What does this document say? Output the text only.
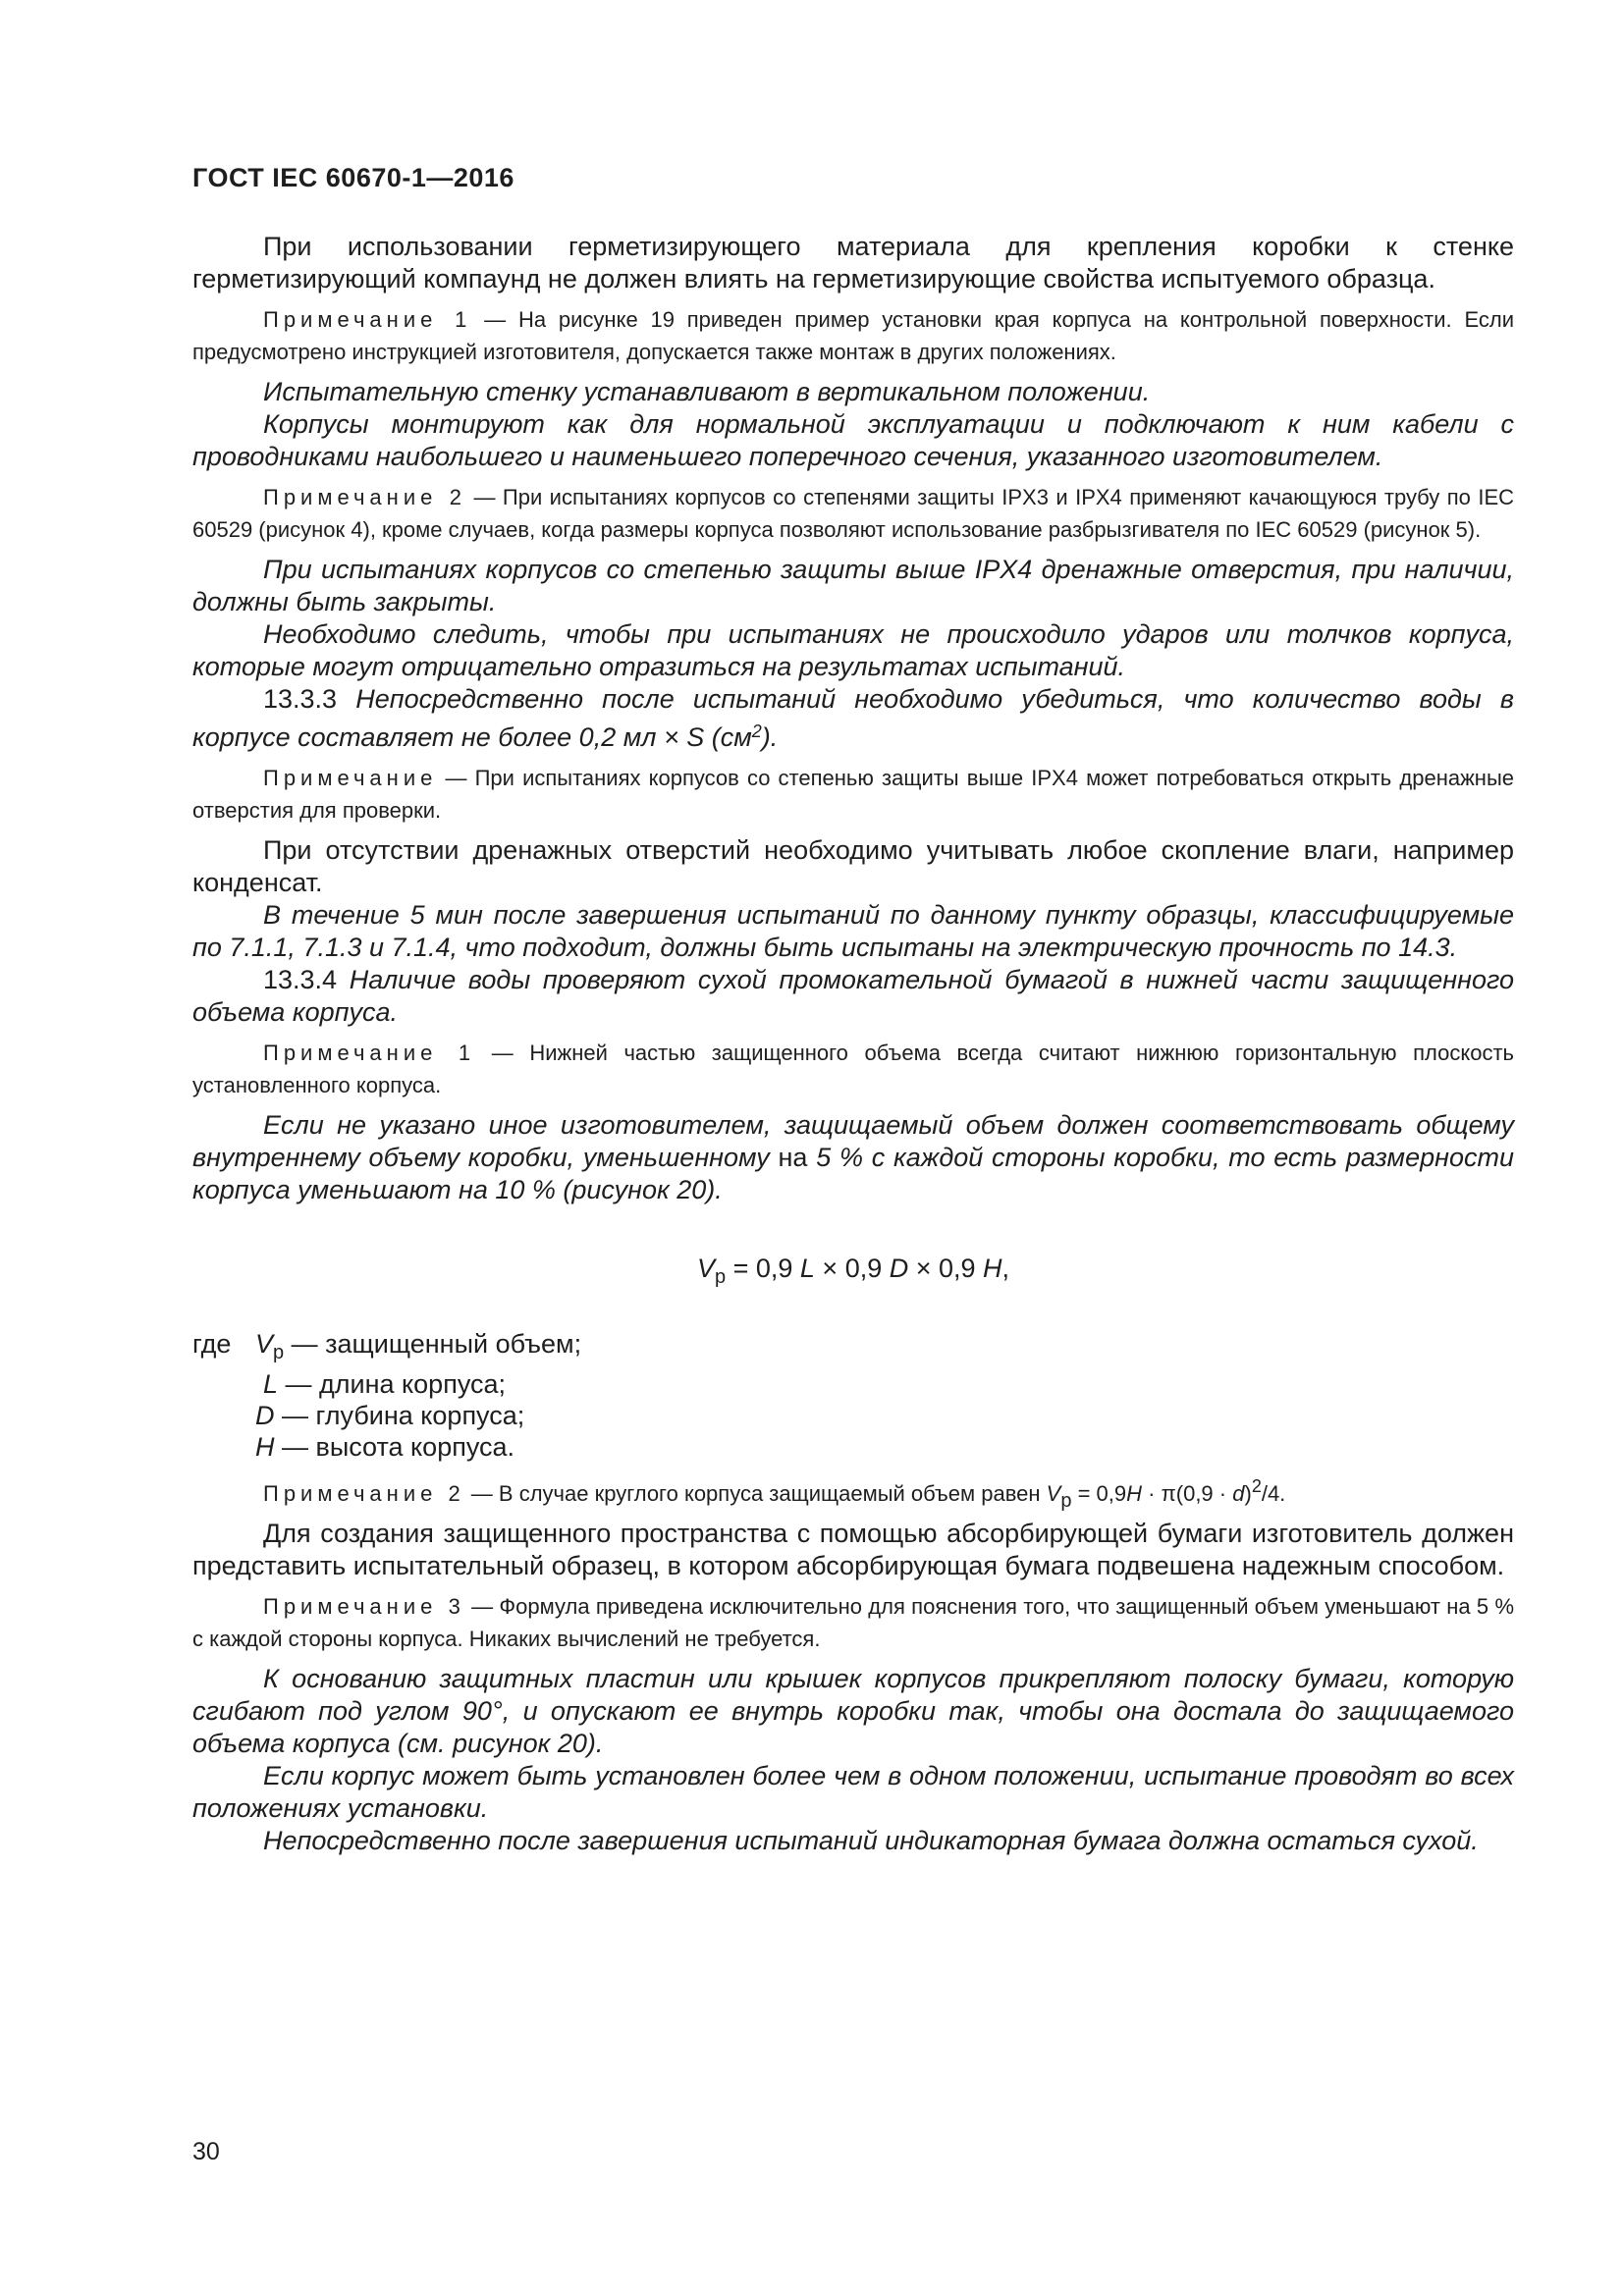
ГОСТ IEC 60670-1—2016

При использовании герметизирующего материала для крепления коробки к стенке герметизирующий компаунд не должен влиять на герметизирующие свойства испытуемого образца.

Примечание 1 — На рисунке 19 приведен пример установки края корпуса на контрольной поверхности. Если предусмотрено инструкцией изготовителя, допускается также монтаж в других положениях.

Испытательную стенку устанавливают в вертикальном положении.

Корпусы монтируют как для нормальной эксплуатации и подключают к ним кабели с проводниками наибольшего и наименьшего поперечного сечения, указанного изготовителем.

Примечание 2 — При испытаниях корпусов со степенями защиты IPX3 и IPX4 применяют качающуюся трубу по IEC 60529 (рисунок 4), кроме случаев, когда размеры корпуса позволяют использование разбрызгивателя по IEC 60529 (рисунок 5).

При испытаниях корпусов со степенью защиты выше IPX4 дренажные отверстия, при наличии, должны быть закрыты.

Необходимо следить, чтобы при испытаниях не происходило ударов или толчков корпуса, которые могут отрицательно отразиться на результатах испытаний.

13.3.3 Непосредственно после испытаний необходимо убедиться, что количество воды в корпусе составляет не более 0,2 мл × S $(см^2)$.

Примечание — При испытаниях корпусов со степенью защиты выше IPX4 может потребоваться открыть дренажные отверстия для проверки.

При отсутствии дренажных отверстий необходимо учитывать любое скопление влаги, например конденсат.

В течение 5 мин после завершения испытаний по данному пункту образцы, классифицируемые по 7.1.1, 7.1.3 и 7.1.4, что подходит, должны быть испытаны на электрическую прочность по 14.3.

13.3.4 Наличие воды проверяют сухой промокательной бумагой в нижней части защищенного объема корпуса.

Примечание 1 — Нижней частью защищенного объема всегда считают нижнюю горизонтальную плоскость установленного корпуса.

Если не указано иное изготовителем, защищаемый объем должен соответствовать общему внутреннему объему коробки, уменьшенному на 5 % с каждой стороны коробки, то есть размерности корпуса уменьшают на 10 % (рисунок 20).

$V_p = 0,9$ L × 0,9 D × 0,9 H,
где $V_p$ — защищенный объем;
L — длина корпуса;
D — глубина корпуса;
H — высота корпуса.

Примечание 2 — В случае круглого корпуса защищаемый объем равен $Vp = 0,9H \cdot \pi(0,9 \cdot d)^2/4$.

Для создания защищенного пространства с помощью абсорбирующей бумаги изготовитель должен представить испытательный образец, в котором абсорбирующая бумага подвешена надежным способом.

Примечание 3 — Формула приведена исключительно для пояснения того, что защищенный объем уменьшают на 5 % с каждой стороны корпуса. Никаких вычислений не требуется.

К основанию защитных пластин или крышек корпусов прикрепляют полоску бумаги, которую сгибают под углом 90°, и опускают ее внутрь коробки так, чтобы она достала до защищаемого объема корпуса (см. рисунок 20).

Если корпус может быть установлен более чем в одном положении, испытание проводят во всех положениях установки.

Непосредственно после завершения испытаний индикаторная бумага должна остаться сухой.

30
